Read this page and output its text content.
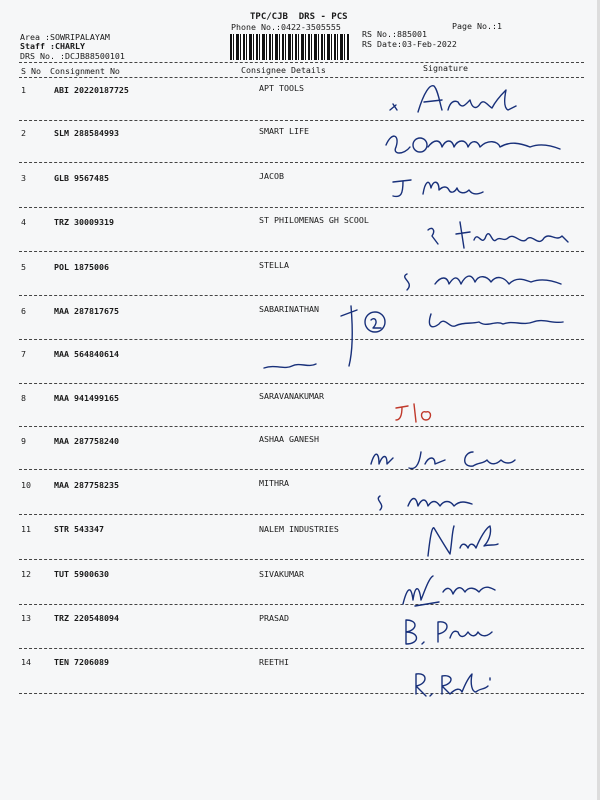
TPC/CJB  DRS - PCS
Phone No.:0422-3505555	Page No.:1
Area :SOWRIPALAYAM
Staff :CHARLY
DRS No. :DCJB88500101
RS No.:885001
RS Date:03-Feb-2022
S No Consignment No	Consignee Details	Signature
1	ABI 20220187725	APT TOOLS
2	SLM 288584993	SMART LIFE
3	GLB 9567485	JACOB
4	TRZ 30009319	ST PHILOMENAS GH SCOOL
5	POL 1875006	STELLA
6	MAA 287817675	SABARINATHAN
7	MAA 564840614
8	MAA 941499165	SARAVANAKUMAR
9	MAA 287758240	ASHAA GANESH
10	MAA 287758235	MITHRA
11	STR 543347	NALEM INDUSTRIES
12	TUT 5900630	SIVAKUMAR
13	TRZ 220548094	PRASAD
14	TEN 7206089	REETHI
